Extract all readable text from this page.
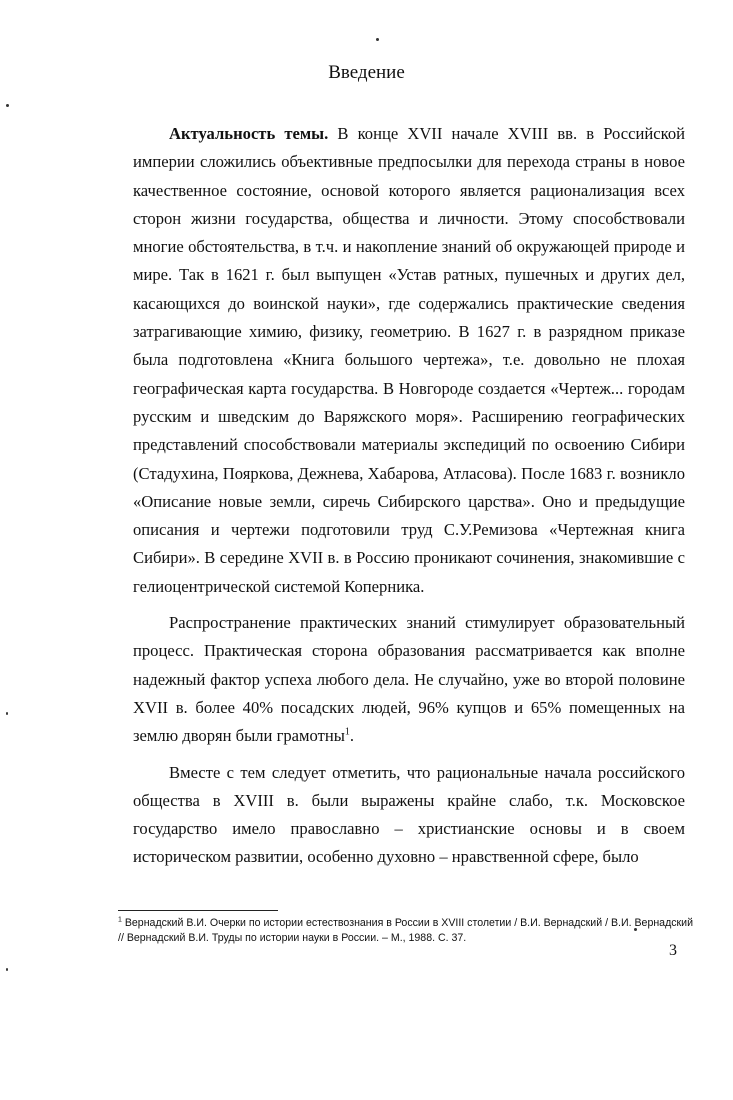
Введение

Актуальность темы. В конце XVII начале XVIII вв. в Российской империи сложились объективные предпосылки для перехода страны в новое качественное состояние, основой которого является рационализация всех сторон жизни государства, общества и личности. Этому способствовали многие обстоятельства, в т.ч. и накопление знаний об окружающей природе и мире. Так в 1621 г. был выпущен «Устав ратных, пушечных и других дел, касающихся до воинской науки», где содержались практические сведения затрагивающие химию, физику, геометрию. В 1627 г. в разрядном приказе была подготовлена «Книга большого чертежа», т.е. довольно не плохая географическая карта государства. В Новгороде создается «Чертеж... городам русским и шведским до Варяжского моря». Расширению географических представлений способствовали материалы экспедиций по освоению Сибири (Стадухина, Пояркова, Дежнева, Хабарова, Атласова). После 1683 г. возникло «Описание новые земли, сиречь Сибирского царства». Оно и предыдущие описания и чертежи подготовили труд С.У.Ремизова «Чертежная книга Сибири». В середине XVII в. в Россию проникают сочинения, знакомившие с гелиоцентрической системой Коперника.

Распространение практических знаний стимулирует образовательный процесс. Практическая сторона образования рассматривается как вполне надежный фактор успеха любого дела. Не случайно, уже во второй половине XVII в. более 40% посадских людей, 96% купцов и 65% помещенных на землю дворян были грамотны$^1$.

Вместе с тем следует отметить, что рациональные начала российского общества в XVIII в. были выражены крайне слабо, т.к. Московское государство имело православно – христианские основы и в своем историческом развитии, особенно духовно – нравственной сфере, было

$^1$ Вернадский В.И. Очерки по истории естествознания в России в XVIII столетии / В.И. Вернадский / В.И. Вернадский // Вернадский В.И. Труды по истории науки в России. – М., 1988. С. 37.
3
